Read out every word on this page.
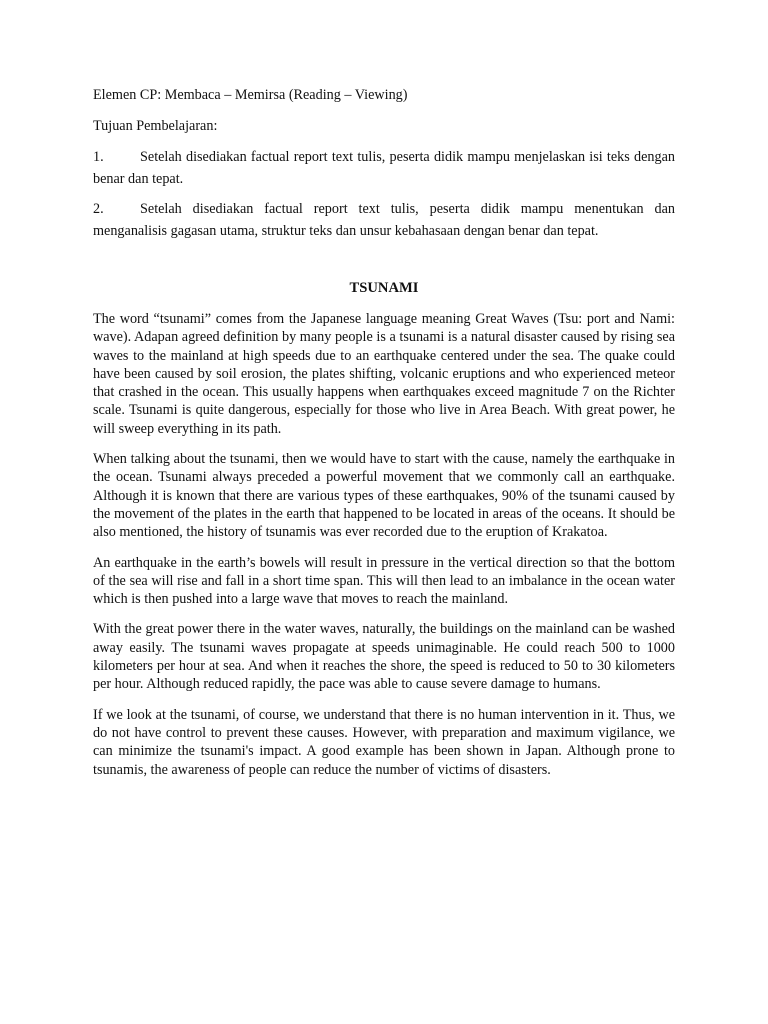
Elemen CP: Membaca – Memirsa (Reading – Viewing)

Tujuan Pembelajaran:

1.	Setelah disediakan factual report text tulis, peserta didik mampu menjelaskan isi teks dengan benar dan tepat.

2.	Setelah disediakan factual report text tulis, peserta didik mampu menentukan dan menganalisis gagasan utama, struktur teks dan unsur kebahasaan dengan benar dan tepat.

TSUNAMI

The word “tsunami” comes from the Japanese language meaning Great Waves (Tsu: port and Nami: wave). Adapan agreed definition by many people is a tsunami is a natural disaster caused by rising sea waves to the mainland at high speeds due to an earthquake centered under the sea. The quake could have been caused by soil erosion, the plates shifting, volcanic eruptions and who experienced meteor that crashed in the ocean. This usually happens when earthquakes exceed magnitude 7 on the Richter scale. Tsunami is quite dangerous, especially for those who live in Area Beach. With great power, he will sweep everything in its path.

When talking about the tsunami, then we would have to start with the cause, namely the earthquake in the ocean. Tsunami always preceded a powerful movement that we commonly call an earthquake. Although it is known that there are various types of these earthquakes, 90% of the tsunami caused by the movement of the plates in the earth that happened to be located in areas of the oceans. It should be also mentioned, the history of tsunamis was ever recorded due to the eruption of Krakatoa.

An earthquake in the earth’s bowels will result in pressure in the vertical direction so that the bottom of the sea will rise and fall in a short time span. This will then lead to an imbalance in the ocean water which is then pushed into a large wave that moves to reach the mainland.

With the great power there in the water waves, naturally, the buildings on the mainland can be washed away easily. The tsunami waves propagate at speeds unimaginable. He could reach 500 to 1000 kilometers per hour at sea. And when it reaches the shore, the speed is reduced to 50 to 30 kilometers per hour. Although reduced rapidly, the pace was able to cause severe damage to humans.

If we look at the tsunami, of course, we understand that there is no human intervention in it. Thus, we do not have control to prevent these causes. However, with preparation and maximum vigilance, we can minimize the tsunami's impact. A good example has been shown in Japan. Although prone to tsunamis, the awareness of people can reduce the number of victims of disasters.
